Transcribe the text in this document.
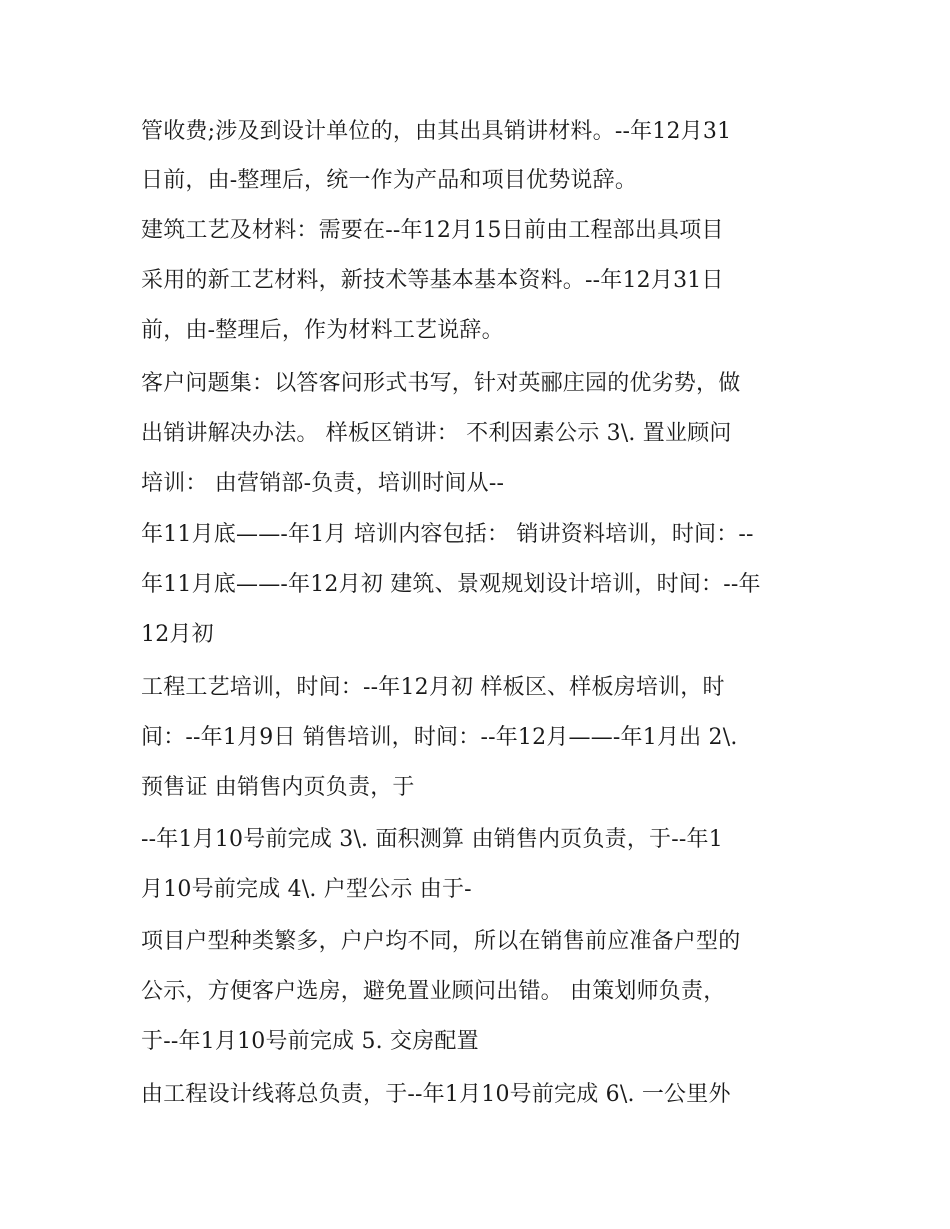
管收费;涉及到设计单位的，由其出具销讲材料。--年12月31
日前，由-整理后，统一作为产品和项目优势说辞。
建筑工艺及材料：需要在--年12月15日前由工程部出具项目
采用的新工艺材料，新技术等基本基本资料。--年12月31日
前，由-整理后，作为材料工艺说辞。
客户问题集：以答客问形式书写，针对英郦庄园的优劣势，做
出销讲解决办法。 样板区销讲： 不利因素公示 3\. 置业顾问
培训： 由营销部-负责，培训时间从--
年11月底——-年1月 培训内容包括： 销讲资料培训，时间：--
年11月底——-年12月初 建筑、景观规划设计培训，时间：--年
12月初
工程工艺培训，时间：--年12月初 样板区、样板房培训，时
间：--年1月9日 销售培训，时间：--年12月——-年1月出 2\.
预售证 由销售内页负责，于
--年1月10号前完成 3\. 面积测算 由销售内页负责，于--年1
月10号前完成 4\. 户型公示 由于-
项目户型种类繁多，户户均不同，所以在销售前应准备户型的
公示，方便客户选房，避免置业顾问出错。 由策划师负责，
于--年1月10号前完成 5. 交房配置
由工程设计线蒋总负责，于--年1月10号前完成 6\. 一公里外
